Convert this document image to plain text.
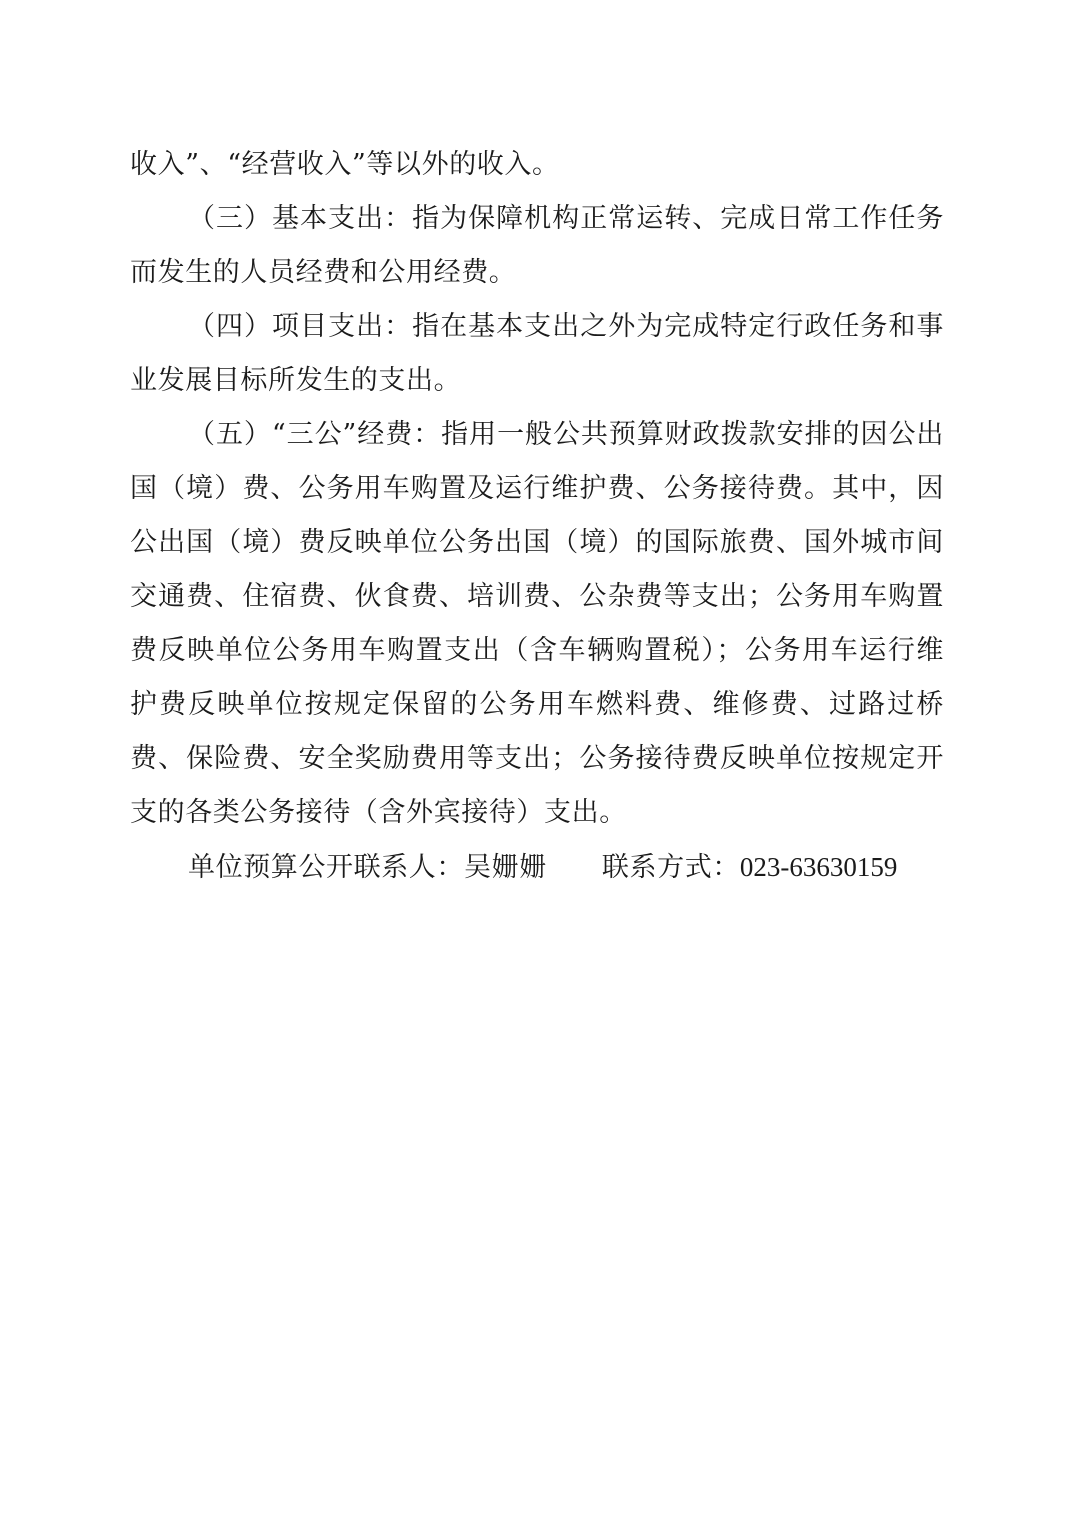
收入”、“经营收入”等以外的收入。

（三）基本支出：指为保障机构正常运转、完成日常工作任务而发生的人员经费和公用经费。

（四）项目支出：指在基本支出之外为完成特定行政任务和事业发展目标所发生的支出。

（五）“三公”经费：指用一般公共预算财政拨款安排的因公出国（境）费、公务用车购置及运行维护费、公务接待费。其中，因公出国（境）费反映单位公务出国（境）的国际旅费、国外城市间交通费、住宿费、伙食费、培训费、公杂费等支出；公务用车购置费反映单位公务用车购置支出（含车辆购置税）；公务用车运行维护费反映单位按规定保留的公务用车燃料费、维修费、过路过桥费、保险费、安全奖励费用等支出；公务接待费反映单位按规定开支的各类公务接待（含外宾接待）支出。

单位预算公开联系人：吴姗姗 联系方式：023-63630159
